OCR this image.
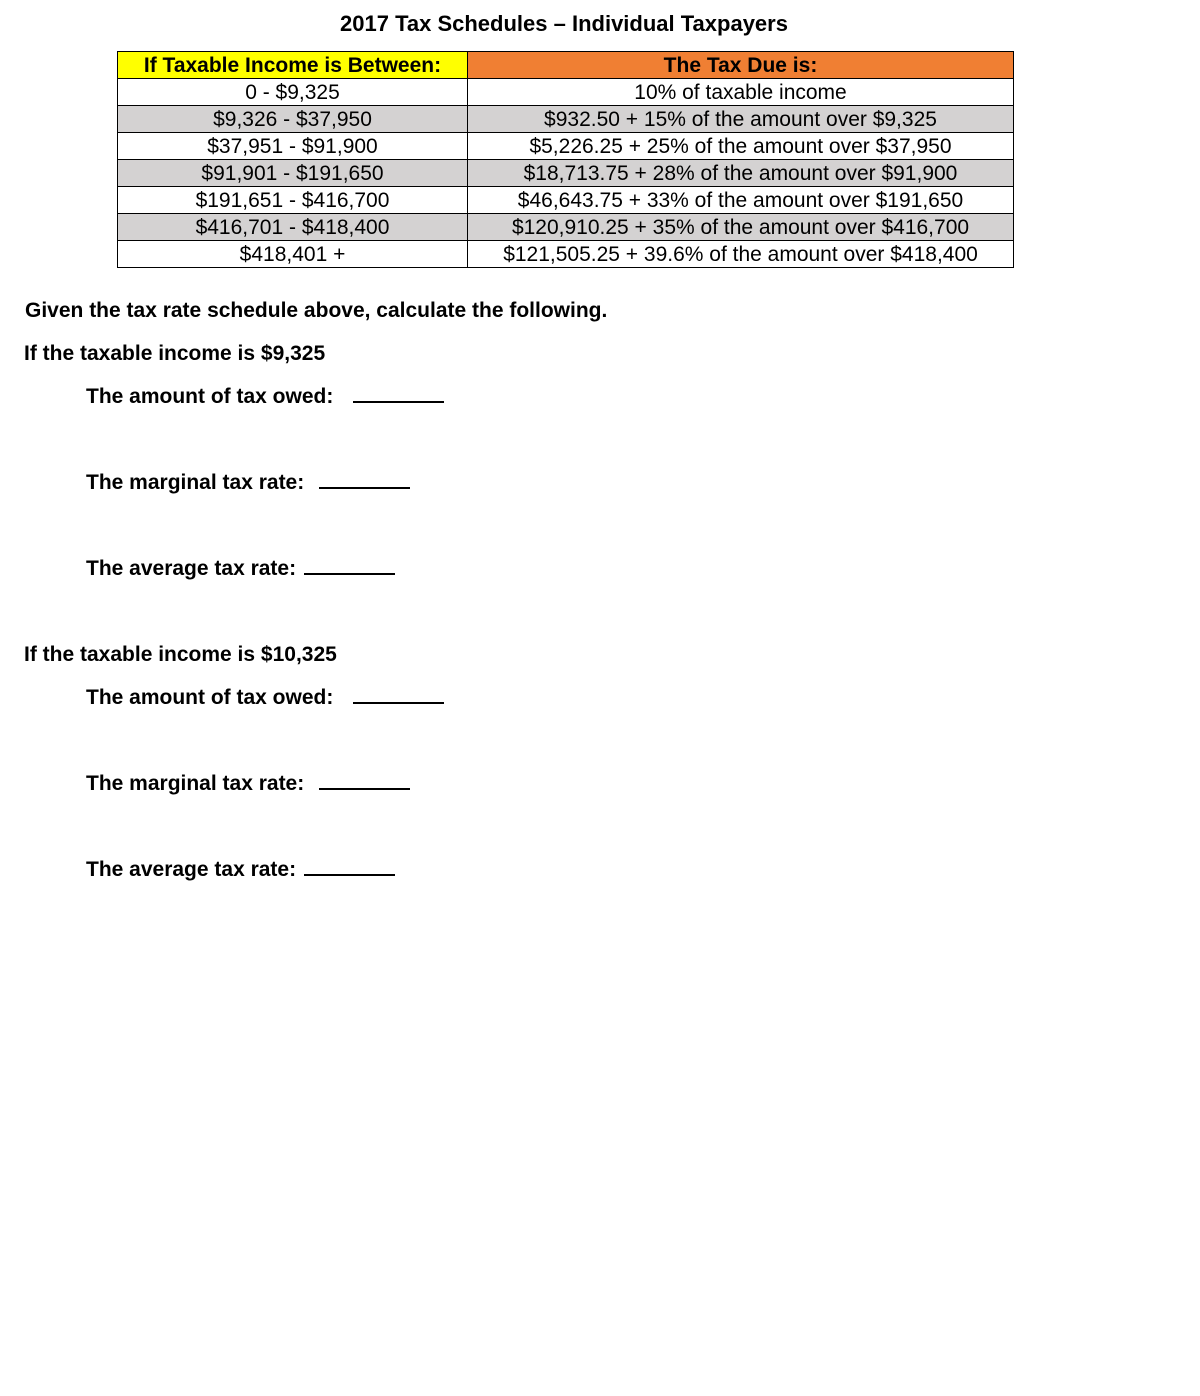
2017 Tax Schedules – Individual Taxpayers
If Taxable Income is Between:	The Tax Due is:
0 - $9,325	10% of taxable income
$9,326 - $37,950	$932.50 + 15% of the amount over $9,325
$37,951 - $91,900	$5,226.25 + 25% of the amount over $37,950
$91,901 - $191,650	$18,713.75 + 28% of the amount over $91,900
$191,651 - $416,700	$46,643.75 + 33% of the amount over $191,650
$416,701 - $418,400	$120,910.25 + 35% of the amount over $416,700
$418,401 +	$121,505.25 + 39.6% of the amount over $418,400
Given the tax rate schedule above, calculate the following.
If the taxable income is $9,325
The amount of tax owed:
The marginal tax rate:
The average tax rate:
If the taxable income is $10,325
The amount of tax owed:
The marginal tax rate:
The average tax rate:
